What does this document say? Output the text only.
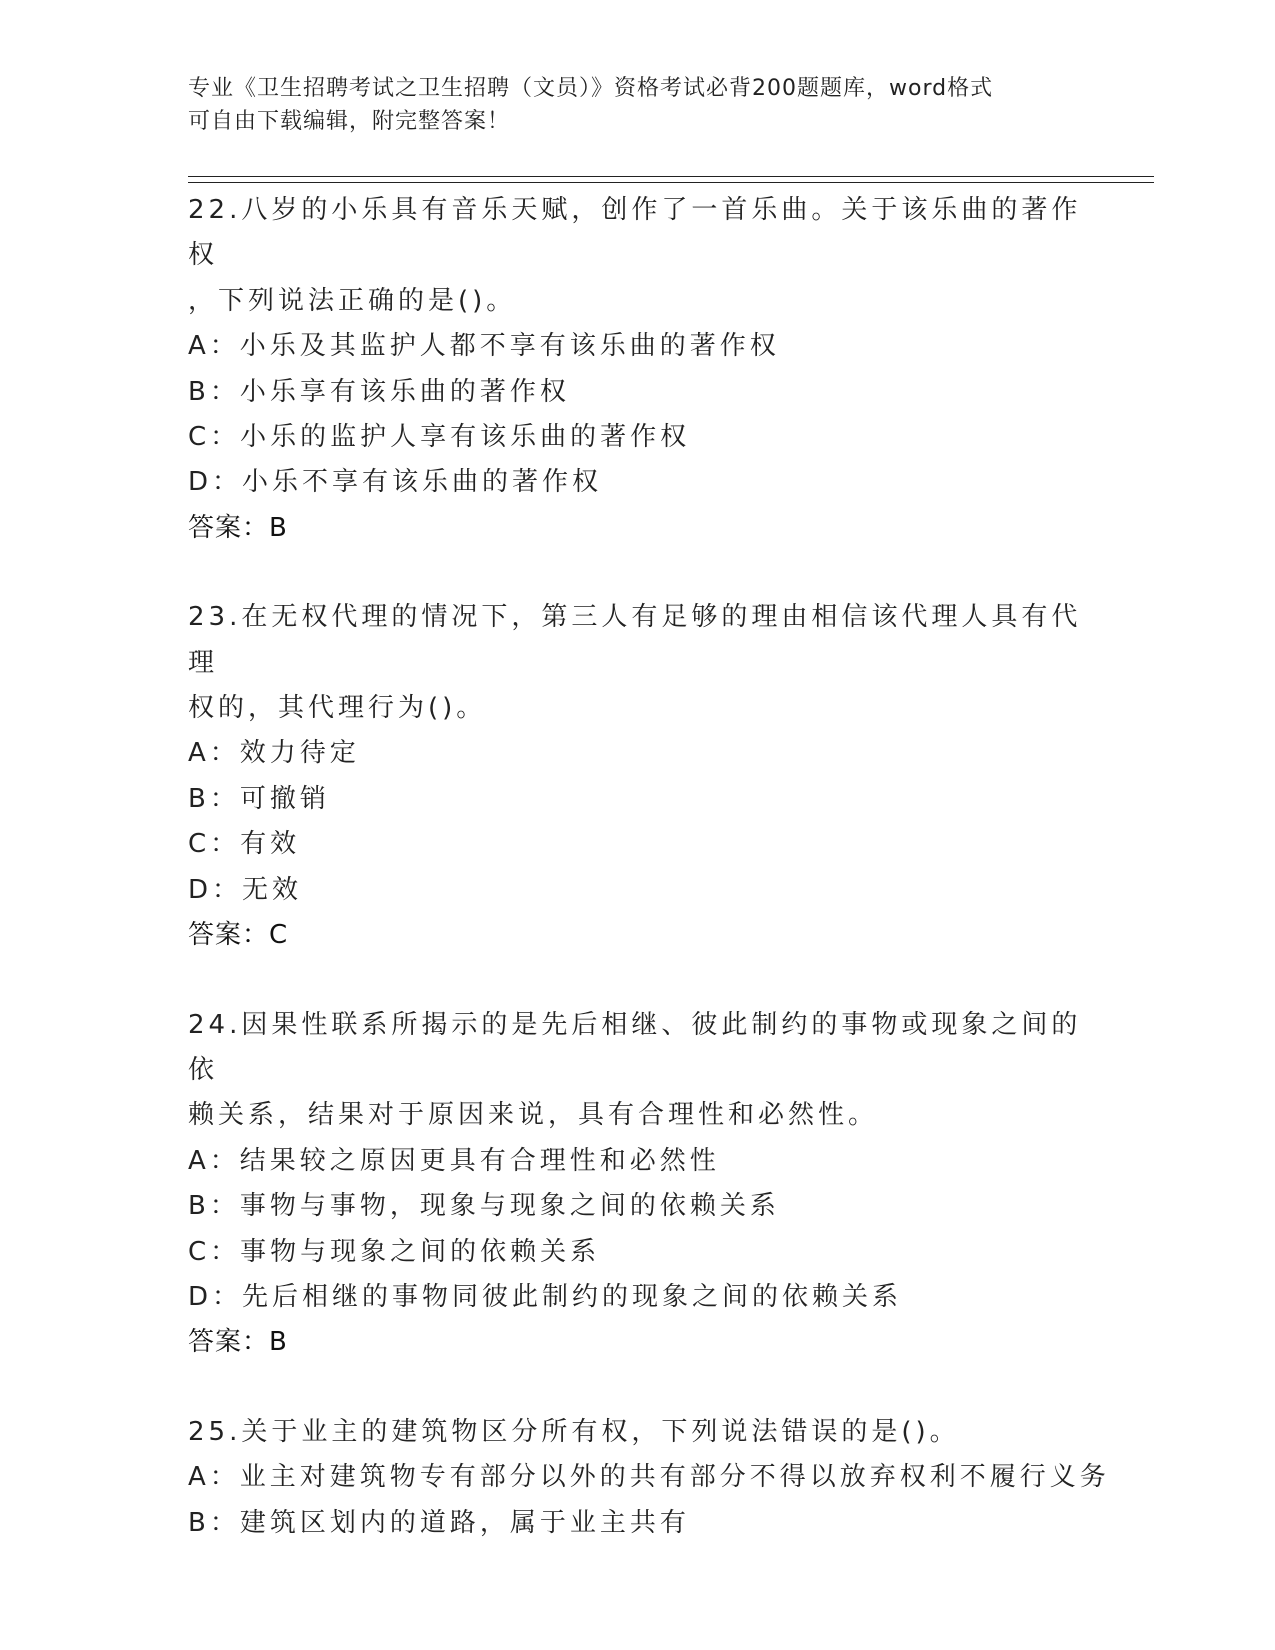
专业《卫生招聘考试之卫生招聘（文员）》资格考试必背200题题库，word格式
可自由下载编辑，附完整答案！
22.八岁的小乐具有音乐天赋，创作了一首乐曲。关于该乐曲的著作权
，下列说法正确的是()。
A：小乐及其监护人都不享有该乐曲的著作权
B：小乐享有该乐曲的著作权
C：小乐的监护人享有该乐曲的著作权
D：小乐不享有该乐曲的著作权
答案：B
23.在无权代理的情况下，第三人有足够的理由相信该代理人具有代理
权的，其代理行为()。
A：效力待定
B：可撤销
C：有效
D：无效
答案：C
24.因果性联系所揭示的是先后相继、彼此制约的事物或现象之间的依
赖关系，结果对于原因来说，具有合理性和必然性。
A：结果较之原因更具有合理性和必然性
B：事物与事物，现象与现象之间的依赖关系
C：事物与现象之间的依赖关系
D：先后相继的事物同彼此制约的现象之间的依赖关系
答案：B
25.关于业主的建筑物区分所有权，下列说法错误的是()。
A：业主对建筑物专有部分以外的共有部分不得以放弃权利不履行义务
B：建筑区划内的道路，属于业主共有
